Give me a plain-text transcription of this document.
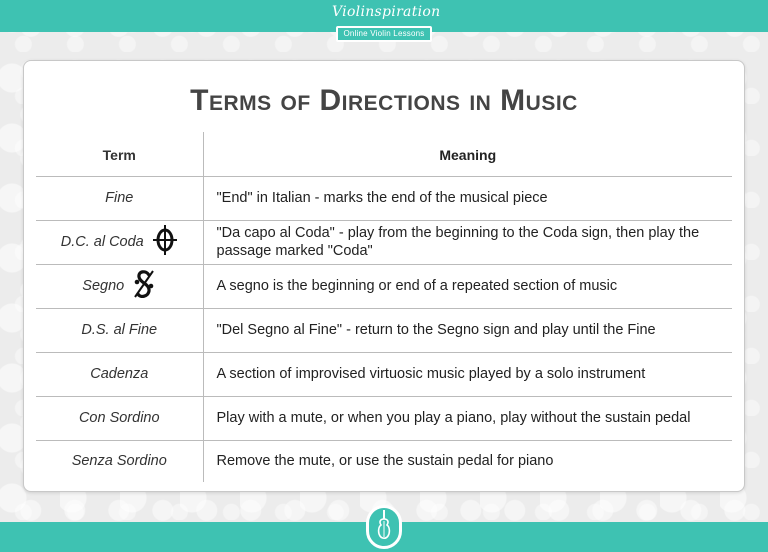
Violinspiration
Online Violin Lessons
Terms of Directions in Music
Term	Meaning
Fine	"End" in Italian - marks the end of the musical piece

D.C. al Coda	"Da capo al Coda" - play from the beginning to the Coda sign, then play the passage marked "Coda"

Segno	A segno is the beginning or end of a repeated section of music
D.S. al Fine	"Del Segno al Fine" - return to the Segno sign and play until the Fine
Cadenza	A section of improvised virtuosic music played by a solo instrument
Con Sordino	Play with a mute, or when you play a piano, play without the sustain pedal
Senza Sordino	Remove the mute, or use the sustain pedal for piano
